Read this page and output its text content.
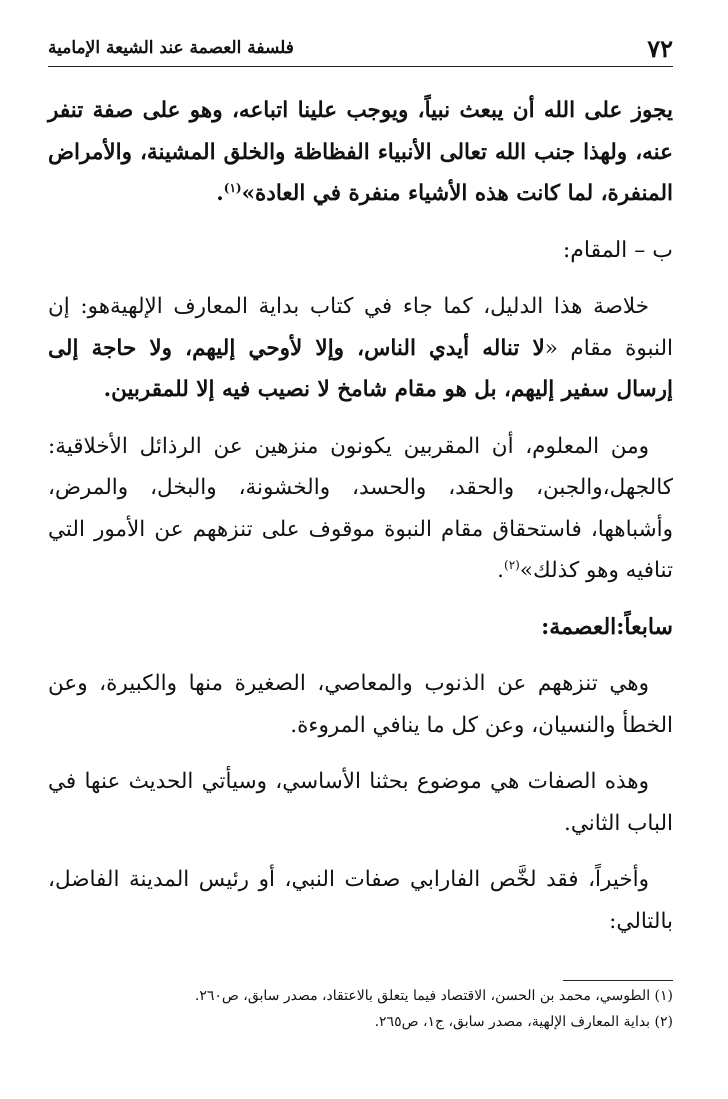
٧٢
فلسفة العصمة عند الشيعة الإمامية

يجوز على الله أن يبعث نبياً، ويوجب علينا اتباعه، وهو على صفة تنفر عنه، ولهذا جنب الله تعالى الأنبياء الفظاظة والخلق المشينة، والأمراض المنفرة، لما كانت هذه الأشياء منفرة في العادة»$^{(١)}$.

ب – المقام:

خلاصة هذا الدليل، كما جاء في كتاب بداية المعارف الإلهيةهو: إن النبوة مقام «لا تناله أيدي الناس، وإلا لأوحي إليهم، ولا حاجة إلى إرسال سفير إليهم، بل هو مقام شامخ لا نصيب فيه إلا للمقربين.

ومن المعلوم، أن المقربين يكونون منزهين عن الرذائل الأخلاقية: كالجهل،والجبن، والحقد، والحسد، والخشونة، والبخل، والمرض، وأشباهها، فاستحقاق مقام النبوة موقوف على تنزههم عن الأمور التي تنافيه وهو كذلك»$^{(٢)}$.

سابعاً:العصمة:

وهي تنزههم عن الذنوب والمعاصي، الصغيرة منها والكبيرة، وعن الخطأ والنسيان، وعن كل ما ينافي المروءة.

وهذه الصفات هي موضوع بحثنا الأساسي، وسيأتي الحديث عنها في الباب الثاني.

وأخيراً، فقد لخَّص الفارابي صفات النبي، أو رئيس المدينة الفاضل، بالتالي:

(١) الطوسي، محمد بن الحسن، الاقتصاد فيما يتعلق بالاعتقاد، مصدر سابق، ص٢٦٠.

(٢) بداية المعارف الإلهية، مصدر سابق، ج١، ص٢٦٥.
